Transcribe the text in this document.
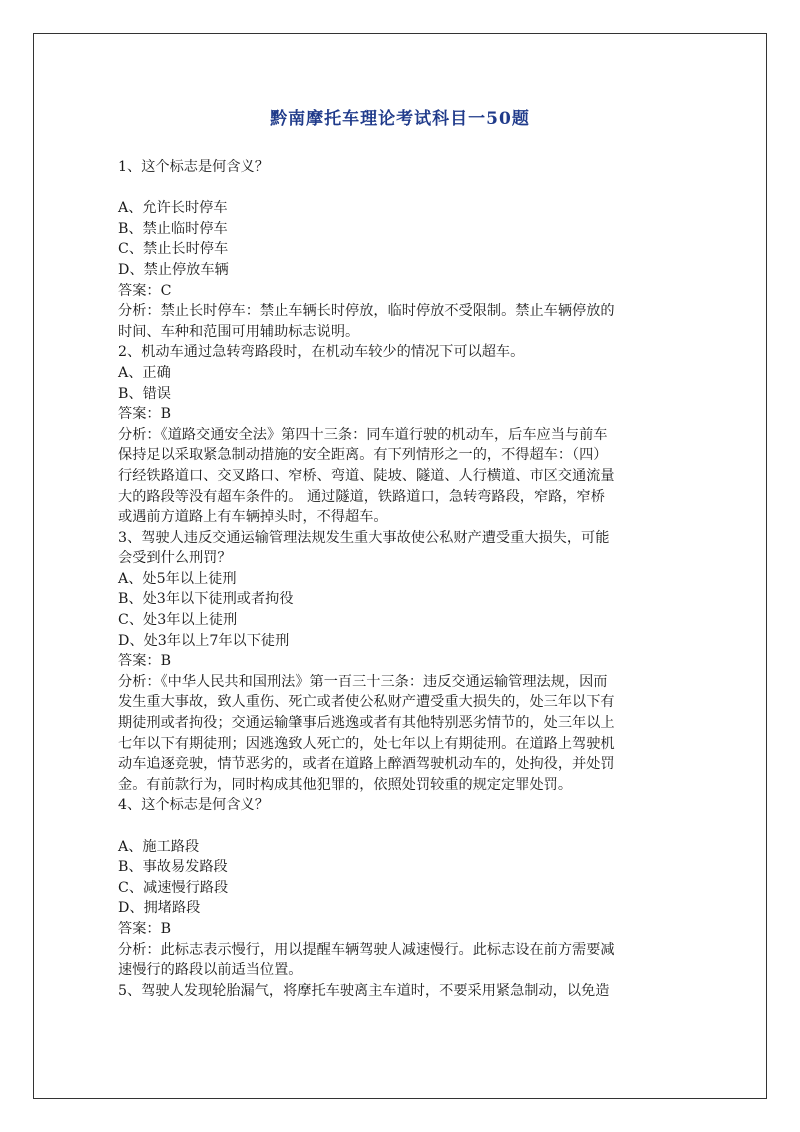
黔南摩托车理论考试科目一50题
1、这个标志是何含义？
A、允许长时停车
B、禁止临时停车
C、禁止长时停车
D、禁止停放车辆
答案：C
分析：禁止长时停车：禁止车辆长时停放，临时停放不受限制。禁止车辆停放的
时间、车种和范围可用辅助标志说明。
2、机动车通过急转弯路段时，在机动车较少的情况下可以超车。
A、正确
B、错误
答案：B
分析：《道路交通安全法》第四十三条：同车道行驶的机动车，后车应当与前车
保持足以采取紧急制动措施的安全距离。有下列情形之一的，不得超车：（四）
行经铁路道口、交叉路口、窄桥、弯道、陡坡、隧道、人行横道、市区交通流量
大的路段等没有超车条件的。 通过隧道，铁路道口，急转弯路段，窄路，窄桥
或遇前方道路上有车辆掉头时，不得超车。
3、驾驶人违反交通运输管理法规发生重大事故使公私财产遭受重大损失，可能
会受到什么刑罚？
A、处5年以上徒刑
B、处3年以下徒刑或者拘役
C、处3年以上徒刑
D、处3年以上7年以下徒刑
答案：B
分析：《中华人民共和国刑法》第一百三十三条：违反交通运输管理法规，因而
发生重大事故，致人重伤、死亡或者使公私财产遭受重大损失的，处三年以下有
期徒刑或者拘役；交通运输肇事后逃逸或者有其他特别恶劣情节的，处三年以上
七年以下有期徒刑；因逃逸致人死亡的，处七年以上有期徒刑。在道路上驾驶机
动车追逐竞驶，情节恶劣的，或者在道路上醉酒驾驶机动车的，处拘役，并处罚
金。有前款行为，同时构成其他犯罪的，依照处罚较重的规定定罪处罚。
4、这个标志是何含义？
A、施工路段
B、事故易发路段
C、减速慢行路段
D、拥堵路段
答案：B
分析：此标志表示慢行，用以提醒车辆驾驶人减速慢行。此标志设在前方需要减
速慢行的路段以前适当位置。
5、驾驶人发现轮胎漏气，将摩托车驶离主车道时，不要采用紧急制动，以免造
